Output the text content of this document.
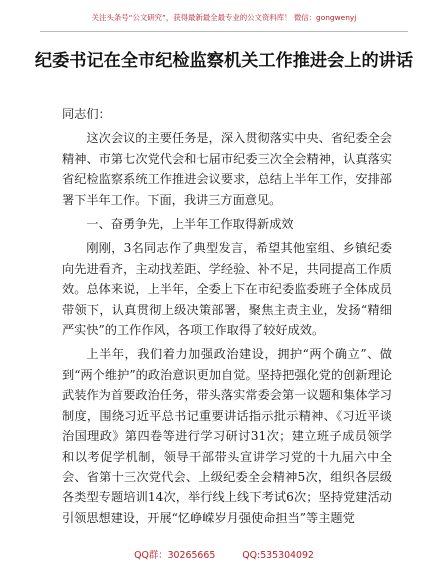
关注头条号“公文研究”，获得最新最全最专业的公文资料库！ 微信：gongwenyj
纪委书记在全市纪检监察机关工作推进会上的讲话

同志们：

这次会议的主要任务是，深入贯彻落实中央、省纪委全会精神、市第七次党代会和七届市纪委三次全会精神，认真落实省纪检监察系统工作推进会议要求，总结上半年工作，安排部署下半年工作。下面，我讲三方面意见。

一、奋勇争先，上半年工作取得新成效

刚刚，3名同志作了典型发言，希望其他室组、乡镇纪委向先进看齐，主动找差距、学经验、补不足，共同提高工作质效。总体来说，上半年，全委上下在市纪委监委班子全体成员带领下，认真贯彻上级决策部署，聚焦主责主业，发扬“精细严实快”的工作作风，各项工作取得了较好成效。

上半年，我们着力加强政治建设，拥护“两个确立”、做到“两个维护”的政治意识更加自觉。坚持把强化党的创新理论武装作为首要政治任务，带头落实常委会第一议题和集体学习制度，围绕习近平总书记重要讲话指示批示精神、《习近平谈治国理政》第四卷等进行学习研讨31次；建立班子成员领学和以考促学机制，领导干部带头宣讲学习党的十九届六中全会、省第十三次党代会、上级纪委全会精神5次，组织各层级各类型专题培训14次，举行线上线下考试6次；坚持党建活动引领思想建设，开展“忆峥嵘岁月强使命担当”等主题党

QQ群：30265665	QQ:535304092
